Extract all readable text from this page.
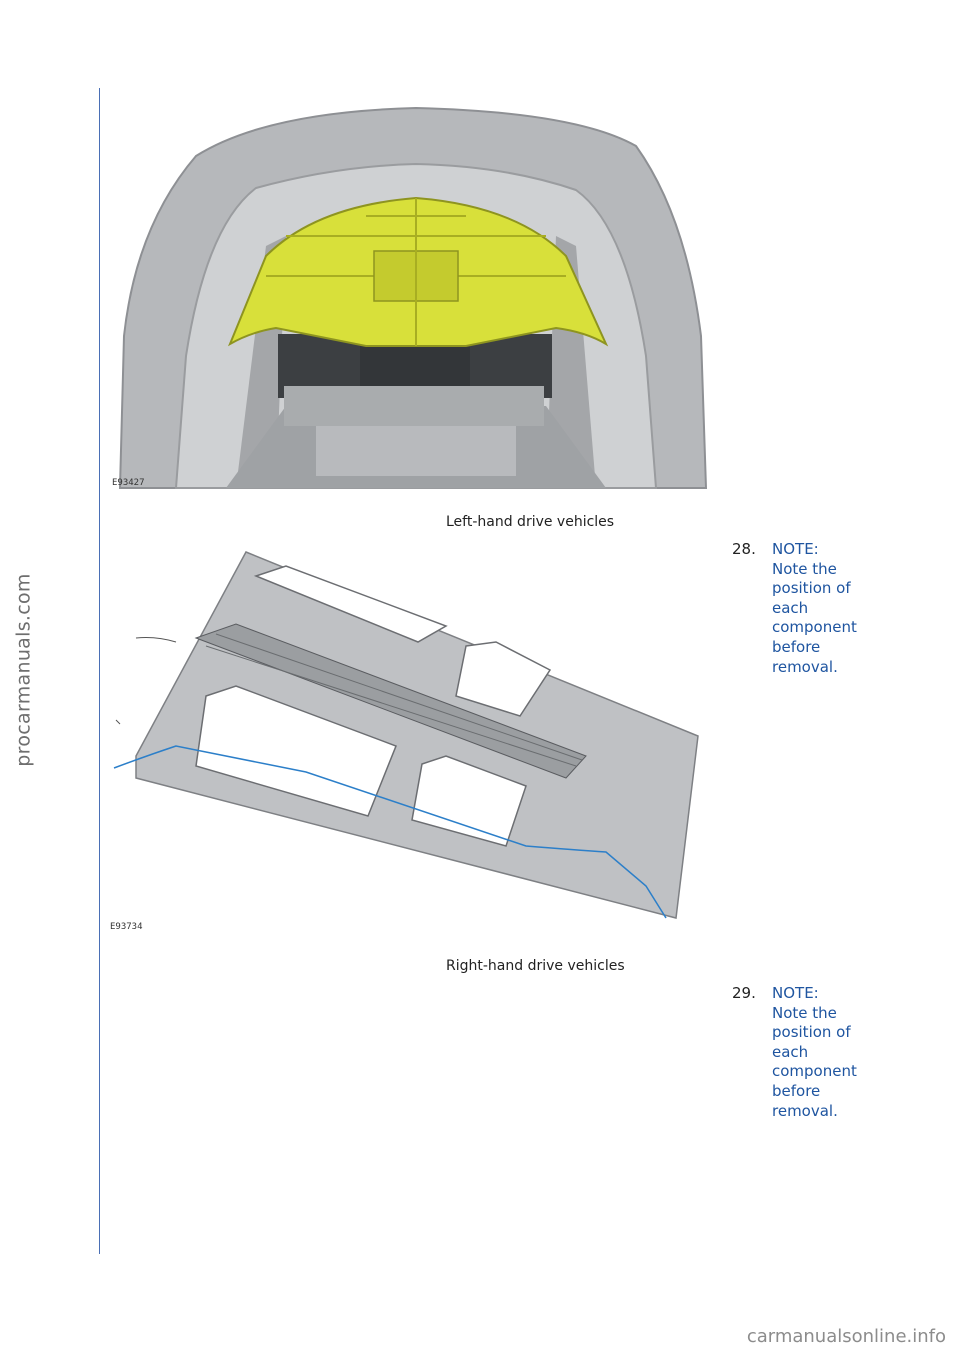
procarmanuals.com
E93427
Left-hand drive vehicles
28. NOTE:
Note the
position of
each
component
before
removal.
E93734
Right-hand drive vehicles
29. NOTE:
Note the
position of
each
component
before
removal.
carmanualsonline.info
